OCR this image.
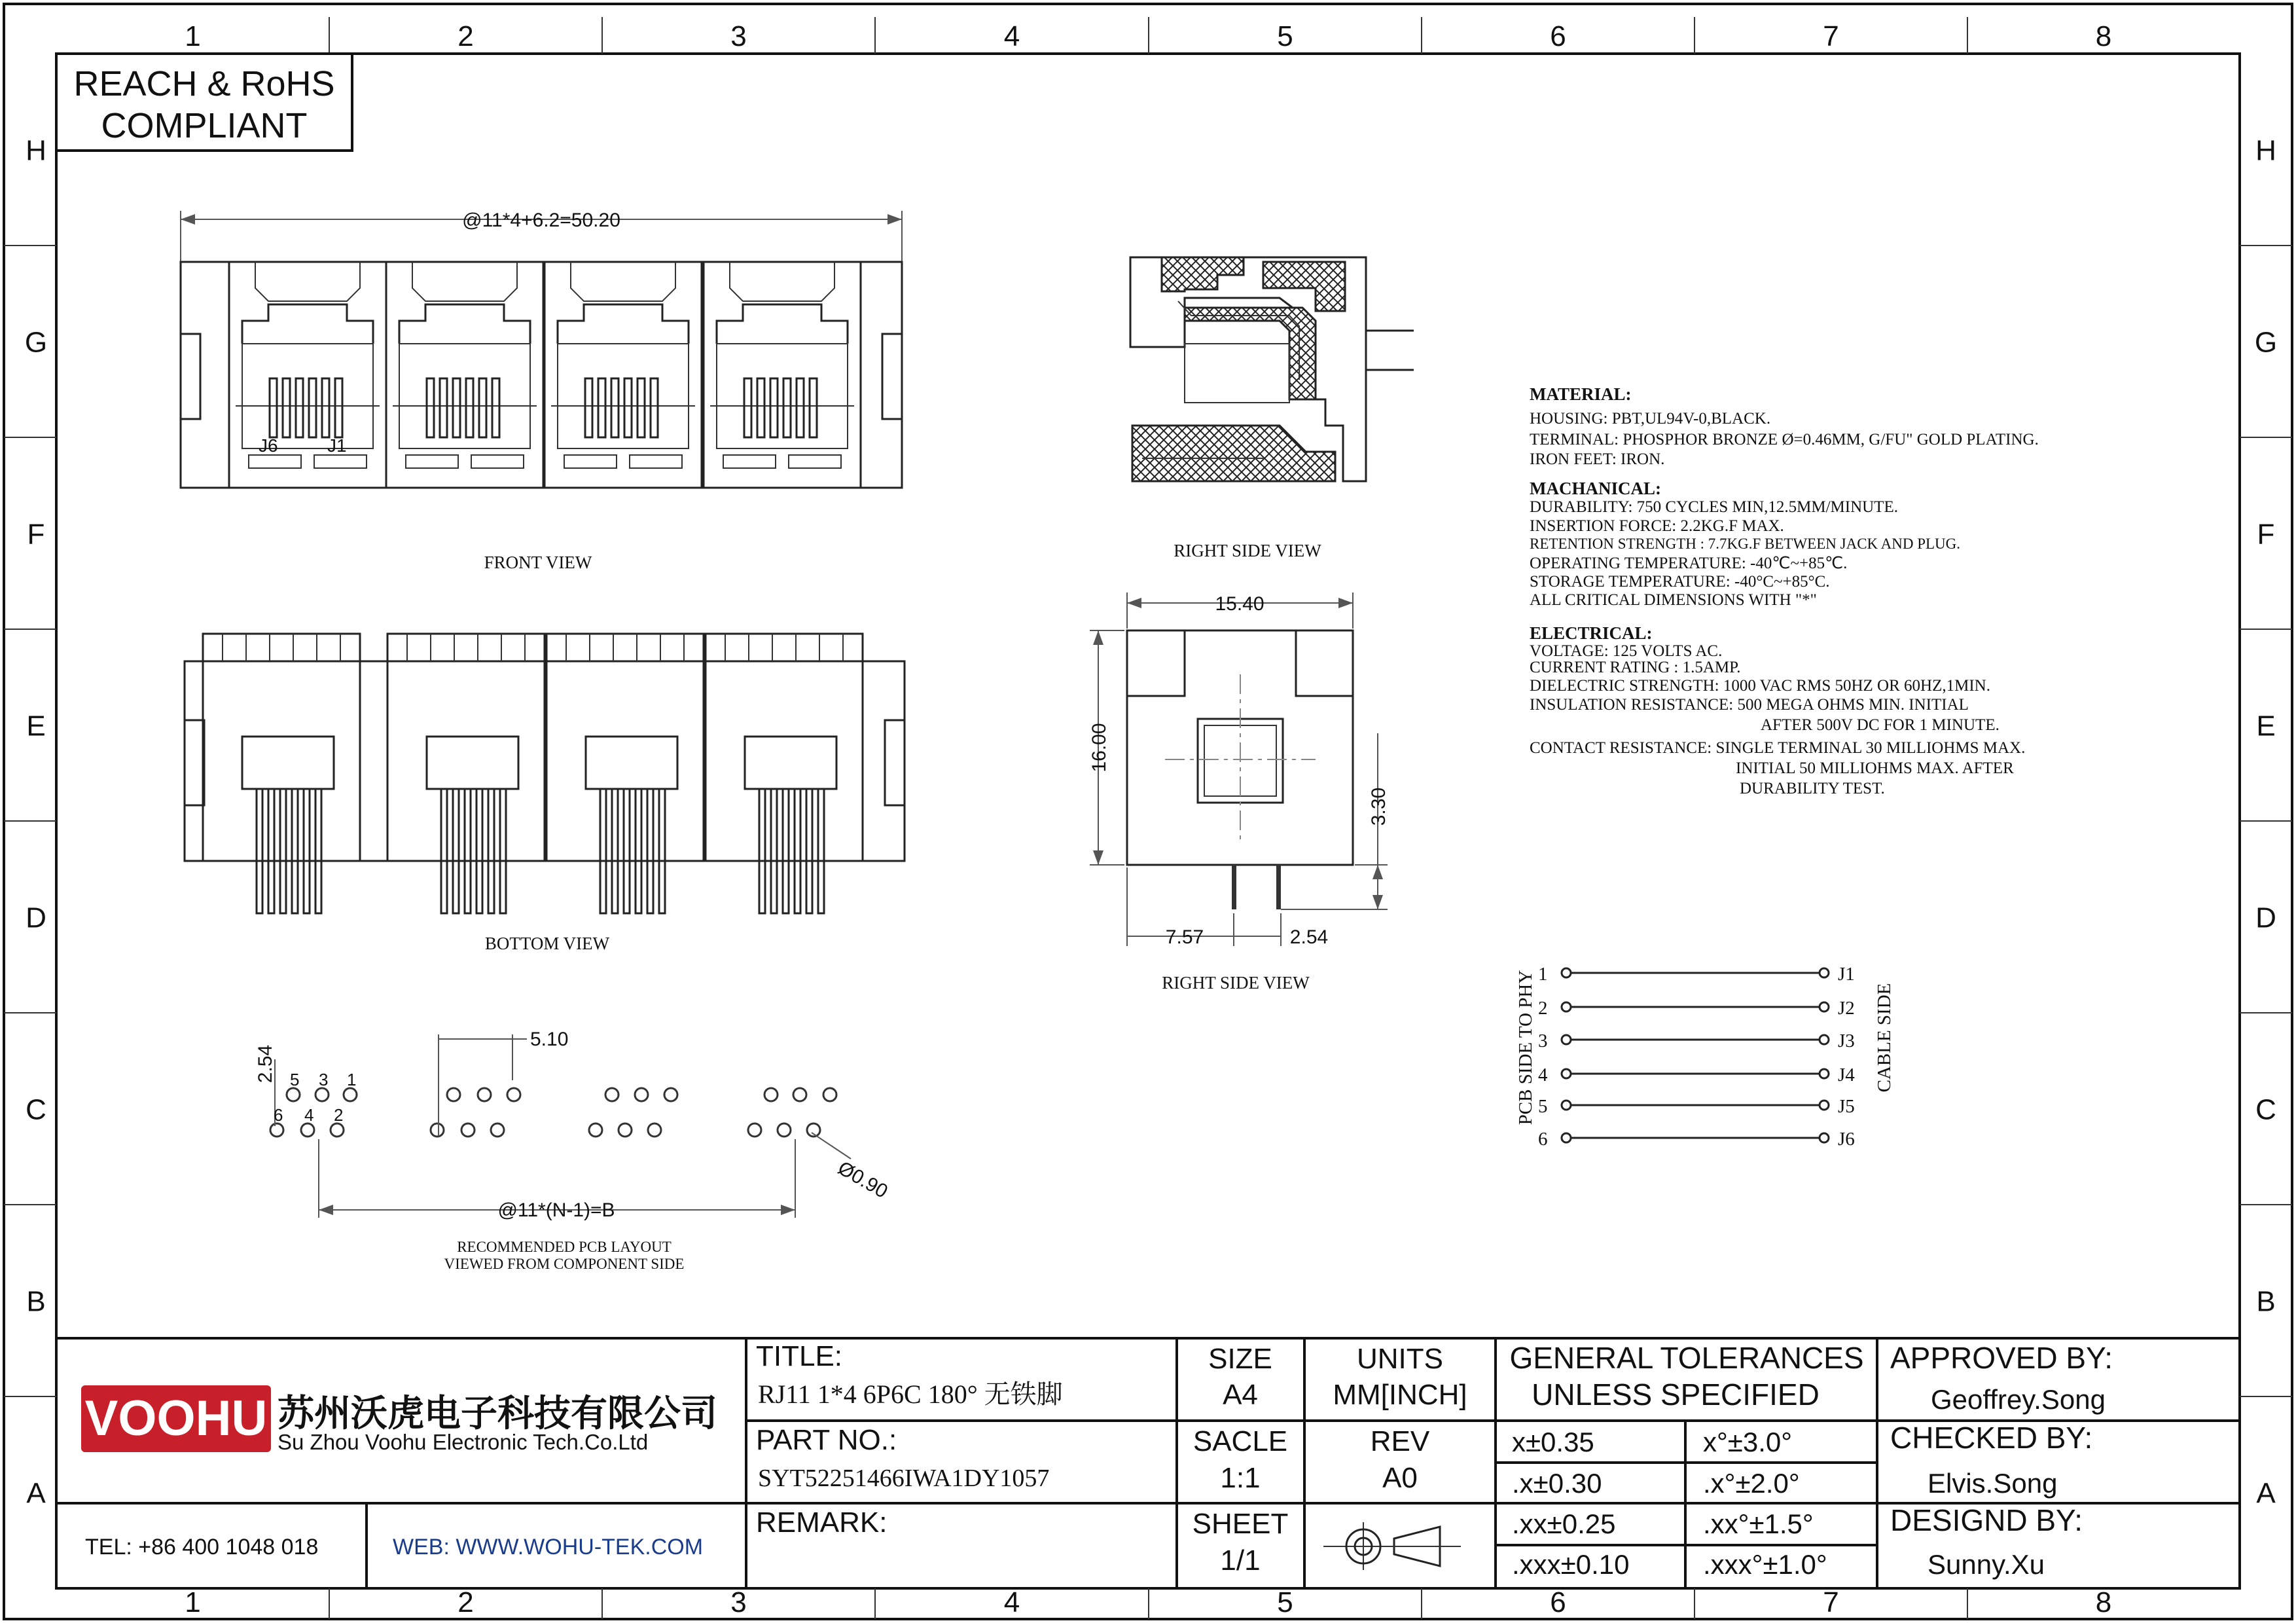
1
1
2
2
3
3
4
4
5
5
6
6
7
7
8
8
H	H
G	G
F	F
E	E
D	D
C	C
B	B
A	A
REACH & RoHS
COMPLIANT
@11*4+6.2=50.20
J6	J1
FRONT VIEW
BOTTOM VIEW
RIGHT SIDE VIEW
15.40
16.00
3.30
7.57	2.54
RIGHT SIDE VIEW
2.54 5 3 1
6 4 2
5.10
Ø0.90
@11*(N-1)=B
RECOMMENDED PCB LAYOUT
VIEWED FROM COMPONENT SIDE
MATERIAL:
HOUSING: PBT,UL94V-0,BLACK.
TERMINAL: PHOSPHOR BRONZE Ø=0.46MM, G/FU" GOLD PLATING.
IRON FEET: IRON.
MACHANICAL:
DURABILITY: 750 CYCLES MIN,12.5MM/MINUTE.
INSERTION FORCE: 2.2KG.F MAX.
RETENTION STRENGTH : 7.7KG.F BETWEEN JACK AND PLUG.
OPERATING TEMPERATURE: -40℃~+85℃.
STORAGE TEMPERATURE: -40°C~+85°C.
ALL CRITICAL DIMENSIONS WITH "*"
ELECTRICAL:
VOLTAGE: 125 VOLTS AC.
CURRENT RATING : 1.5AMP.
DIELECTRIC STRENGTH: 1000 VAC RMS 50HZ OR 60HZ,1MIN.
INSULATION RESISTANCE: 500 MEGA OHMS MIN. INITIAL
AFTER 500V DC FOR 1 MINUTE.
CONTACT RESISTANCE: SINGLE TERMINAL 30 MILLIOHMS MAX.
INITIAL 50 MILLIOHMS MAX. AFTER
DURABILITY TEST.
PCB SIDE TO PHY	CABLE SIDE
1	J1
2	J2
3	J3
4	J4
5	J5
6	J6
VOOHU 苏州沃虎电子科技有限公司
Su Zhou Voohu Electronic Tech.Co.Ltd
TEL: +86 400 1048 018	WEB: WWW.WOHU-TEK.COM
TITLE:
RJ11 1*4 6P6C 180° 无铁脚
PART NO.:
SYT52251466IWA1DY1057
REMARK:
SIZE
A4
UNITS
MM[INCH]
SACLE
1:1
REV
A0
SHEET
1/1
GENERAL TOLERANCES
UNLESS SPECIFIED
x±0.35	x°±3.0°
.x±0.30	.x°±2.0°
.xx±0.25	.xx°±1.5°
.xxx±0.10	.xxx°±1.0°
APPROVED BY:
Geoffrey.Song
CHECKED BY:
Elvis.Song
DESIGND BY:
Sunny.Xu
